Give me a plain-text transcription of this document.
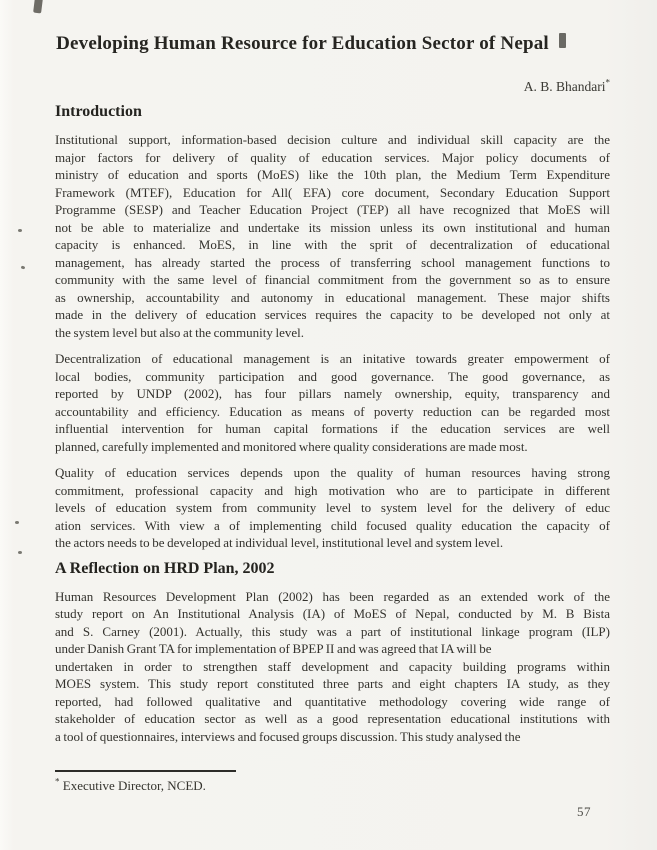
Developing Human Resource for Education Sector of Nepal
A. B. Bhandari*
Introduction
Institutional support, information-based decision culture and individual skill capacity are the
major factors for delivery of quality of education services. Major policy documents of
ministry of education and sports (MoES) like the 10th plan, the Medium Term Expenditure
Framework (MTEF), Education for All( EFA) core document, Secondary Education Support
Programme (SESP) and Teacher Education Project (TEP) all have recognized that MoES will
not be able to materialize and undertake its mission unless its own institutional and human
capacity is enhanced. MoES, in line with the sprit of decentralization of educational
management, has already started the process of transferring school management functions to
community with the same level of financial commitment from the government so as to ensure
as ownership, accountability and autonomy in educational management. These major shifts
made in the delivery of education services requires the capacity to be developed not only at
the system level but also at the community level.
Decentralization of educational management is an initative towards greater empowerment of
local bodies, community participation and good governance. The good governance, as
reported by UNDP (2002), has four pillars namely ownership, equity, transparency and
accountability and efficiency. Education as means of poverty reduction can be regarded most
influential intervention for human capital formations if the education services are well
planned, carefully implemented and monitored where quality considerations are made most.
Quality of education services depends upon the quality of human resources having strong
commitment, professional capacity and high motivation who are to participate in different
levels of education system from community level to system level for the delivery of educ
ation services. With view a of implementing child focused quality education the capacity of
the actors needs to be developed at individual level, institutional level and system level.
A Reflection on HRD Plan, 2002
Human Resources Development Plan (2002) has been regarded as an extended work of the
study report on An Institutional Analysis (IA) of MoES of Nepal, conducted by M. B Bista
and S. Carney (2001). Actually, this study was a part of institutional linkage program (ILP)
under Danish Grant TA for implementation of BPEP II and was agreed that IA will be
undertaken in order to strengthen staff development and capacity building programs within
MOES system. This study report constituted three parts and eight chapters IA study, as they
reported, had followed qualitative and quantitative methodology covering wide range of
stakeholder of education sector as well as a good representation educational institutions with
a tool of questionnaires, interviews and focused groups discussion. This study analysed the
* Executive Director, NCED.
57
